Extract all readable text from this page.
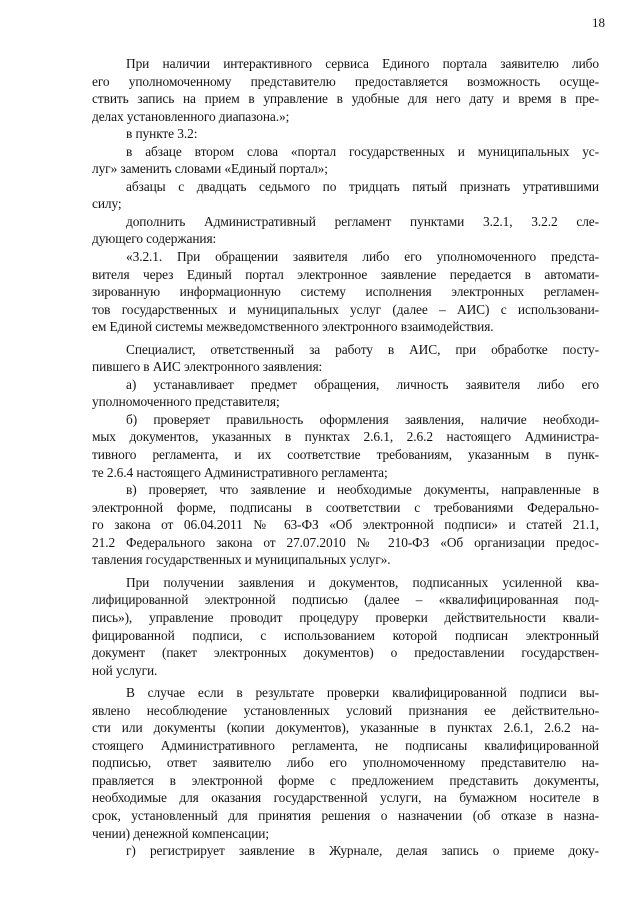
18
При наличии интерактивного сервиса Единого портала заявителю либо
его уполномоченному представителю предоставляется возможность осуще-
ствить запись на прием в управление в удобные для него дату и время в пре-
делах установленного диапазона.»;
в пункте 3.2:
в абзаце втором слова «портал государственных и муниципальных ус-
луг» заменить словами «Единый портал»;
абзацы с двадцать седьмого по тридцать пятый признать утратившими
силу;
дополнить Административный регламент пунктами 3.2.1, 3.2.2 сле-
дующего содержания:
«3.2.1. При обращении заявителя либо его уполномоченного предста-
вителя через Единый портал электронное заявление передается в автомати-
зированную информационную систему исполнения электронных регламен-
тов государственных и муниципальных услуг (далее – АИС) с использовани-
ем Единой системы межведомственного электронного взаимодействия.
Специалист, ответственный за работу в АИС, при обработке посту-
пившего в АИС электронного заявления:
а) устанавливает предмет обращения, личность заявителя либо его
уполномоченного представителя;
б) проверяет правильность оформления заявления, наличие необходи-
мых документов, указанных в пунктах 2.6.1, 2.6.2 настоящего Администра-
тивного регламента, и их соответствие требованиям, указанным в пунк-
те 2.6.4 настоящего Административного регламента;
в) проверяет, что заявление и необходимые документы, направленные в
электронной форме, подписаны в соответствии с требованиями Федерально-
го закона от 06.04.2011 № 63-ФЗ «Об электронной подписи» и статей 21.1,
21.2 Федерального закона от 27.07.2010 № 210-ФЗ «Об организации предос-
тавления государственных и муниципальных услуг».
При получении заявления и документов, подписанных усиленной ква-
лифицированной электронной подписью (далее – «квалифицированная под-
пись»), управление проводит процедуру проверки действительности квали-
фицированной подписи, с использованием которой подписан электронный
документ (пакет электронных документов) о предоставлении государствен-
ной услуги.
В случае если в результате проверки квалифицированной подписи вы-
явлено несоблюдение установленных условий признания ее действительно-
сти или документы (копии документов), указанные в пунктах 2.6.1, 2.6.2 на-
стоящего Административного регламента, не подписаны квалифицированной
подписью, ответ заявителю либо его уполномоченному представителю на-
правляется в электронной форме с предложением представить документы,
необходимые для оказания государственной услуги, на бумажном носителе в
срок, установленный для принятия решения о назначении (об отказе в назна-
чении) денежной компенсации;
г) регистрирует заявление в Журнале, делая запись о приеме доку-
